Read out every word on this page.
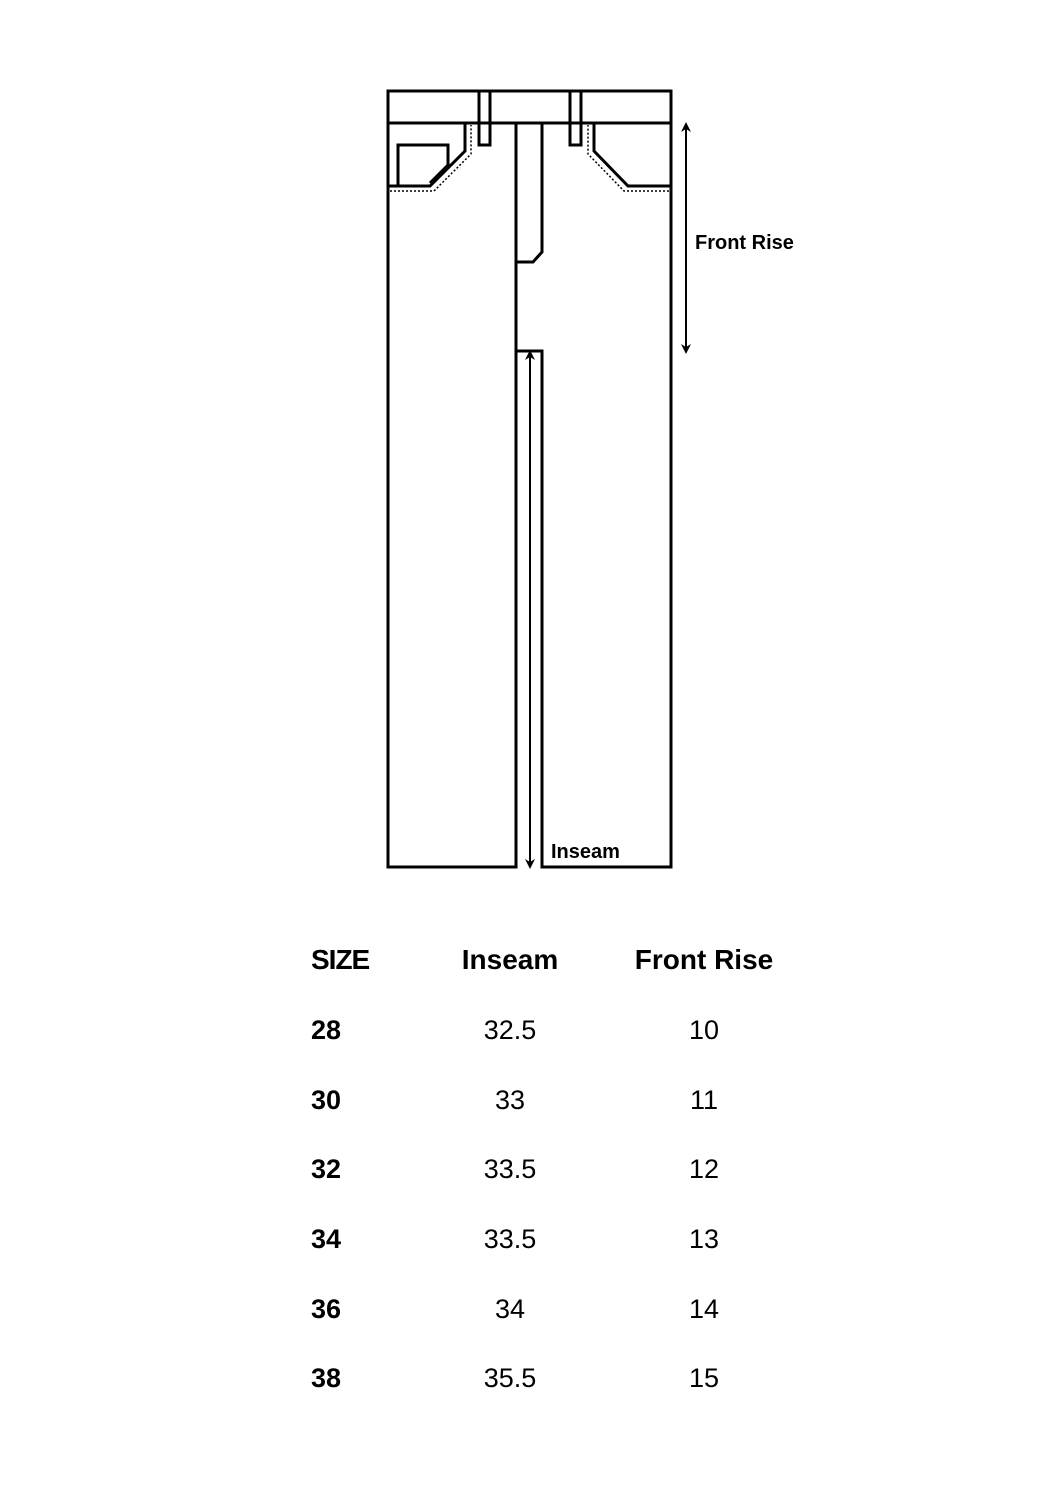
Front Rise
Inseam
SIZE	Inseam	Front Rise
28	32.5	10
30	33	11
32	33.5	12
34	33.5	13
36	34	14
38	35.5	15
